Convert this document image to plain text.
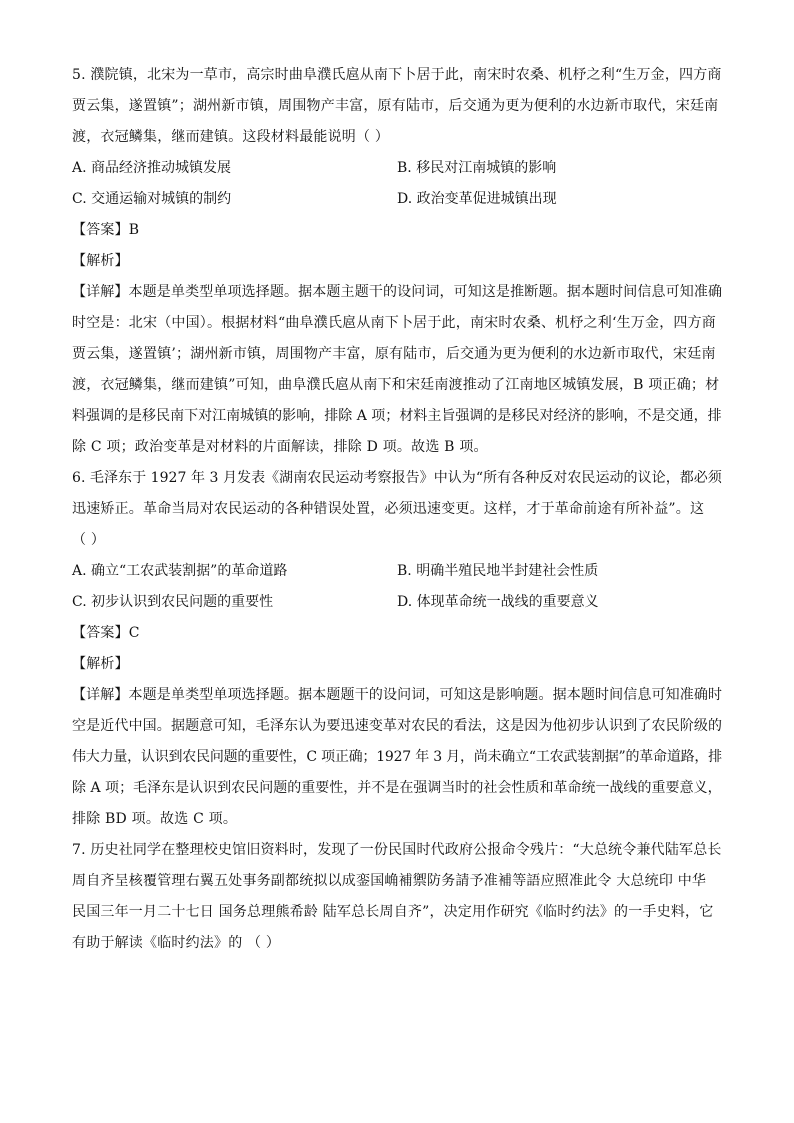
5. 濮院镇，北宋为一草市，高宗时曲阜濮氏扈从南下卜居于此，南宋时农桑、机杼之利“生万金，四方商
贾云集，遂置镇”；湖州新市镇，周围物产丰富，原有陆市，后交通为更为便利的水边新市取代，宋廷南
渡，衣冠鳞集，继而建镇。这段材料最能说明（ ）
A. 商品经济推动城镇发展	B. 移民对江南城镇的影响
C. 交通运输对城镇的制约	D. 政治变革促进城镇出现
【答案】B
【解析】
【详解】本题是单类型单项选择题。据本题主题干的设问词，可知这是推断题。据本题时间信息可知准确
时空是：北宋（中国）。根据材料“曲阜濮氏扈从南下卜居于此，南宋时农桑、机杼之利‘生万金，四方商
贾云集，遂置镇’；湖州新市镇，周围物产丰富，原有陆市，后交通为更为便利的水边新市取代，宋廷南
渡，衣冠鳞集，继而建镇”可知，曲阜濮氏扈从南下和宋廷南渡推动了江南地区城镇发展，B 项正确；材
料强调的是移民南下对江南城镇的影响，排除 A 项；材料主旨强调的是移民对经济的影响，不是交通，排
除 C 项；政治变革是对材料的片面解读，排除 D 项。故选 B 项。
6. 毛泽东于 1927 年 3 月发表《湖南农民运动考察报告》中认为“所有各种反对农民运动的议论，都必须
迅速矫正。革命当局对农民运动的各种错误处置，必须迅速变更。这样，才于革命前途有所补益”。这
（ ）
A. 确立“工农武装割据”的革命道路	B. 明确半殖民地半封建社会性质
C. 初步认识到农民问题的重要性	D. 体现革命统一战线的重要意义
【答案】C
【解析】
【详解】本题是单类型单项选择题。据本题题干的设问词，可知这是影响题。据本题时间信息可知准确时
空是近代中国。据题意可知，毛泽东认为要迅速变革对农民的看法，这是因为他初步认识到了农民阶级的
伟大力量，认识到农民问题的重要性，C 项正确；1927 年 3 月，尚未确立“工农武装割据”的革命道路，排
除 A 项；毛泽东是认识到农民问题的重要性，并不是在强调当时的社会性质和革命统一战线的重要意义，
排除 BD 项。故选 C 项。
7. 历史社同学在整理校史馆旧资料时，发现了一份民国时代政府公报命令残片：“大总统令兼代陆军总长
周自齐呈核覆管理右翼五处事务副都统拟以成銮国崅補禦防务請予准補等語应照准此令 大总统印 中华
民国三年一月二十七日 国务总理熊希龄 陆军总长周自齐”，决定用作研究《临时约法》的一手史料，它
有助于解读《临时约法》的 （ ）
